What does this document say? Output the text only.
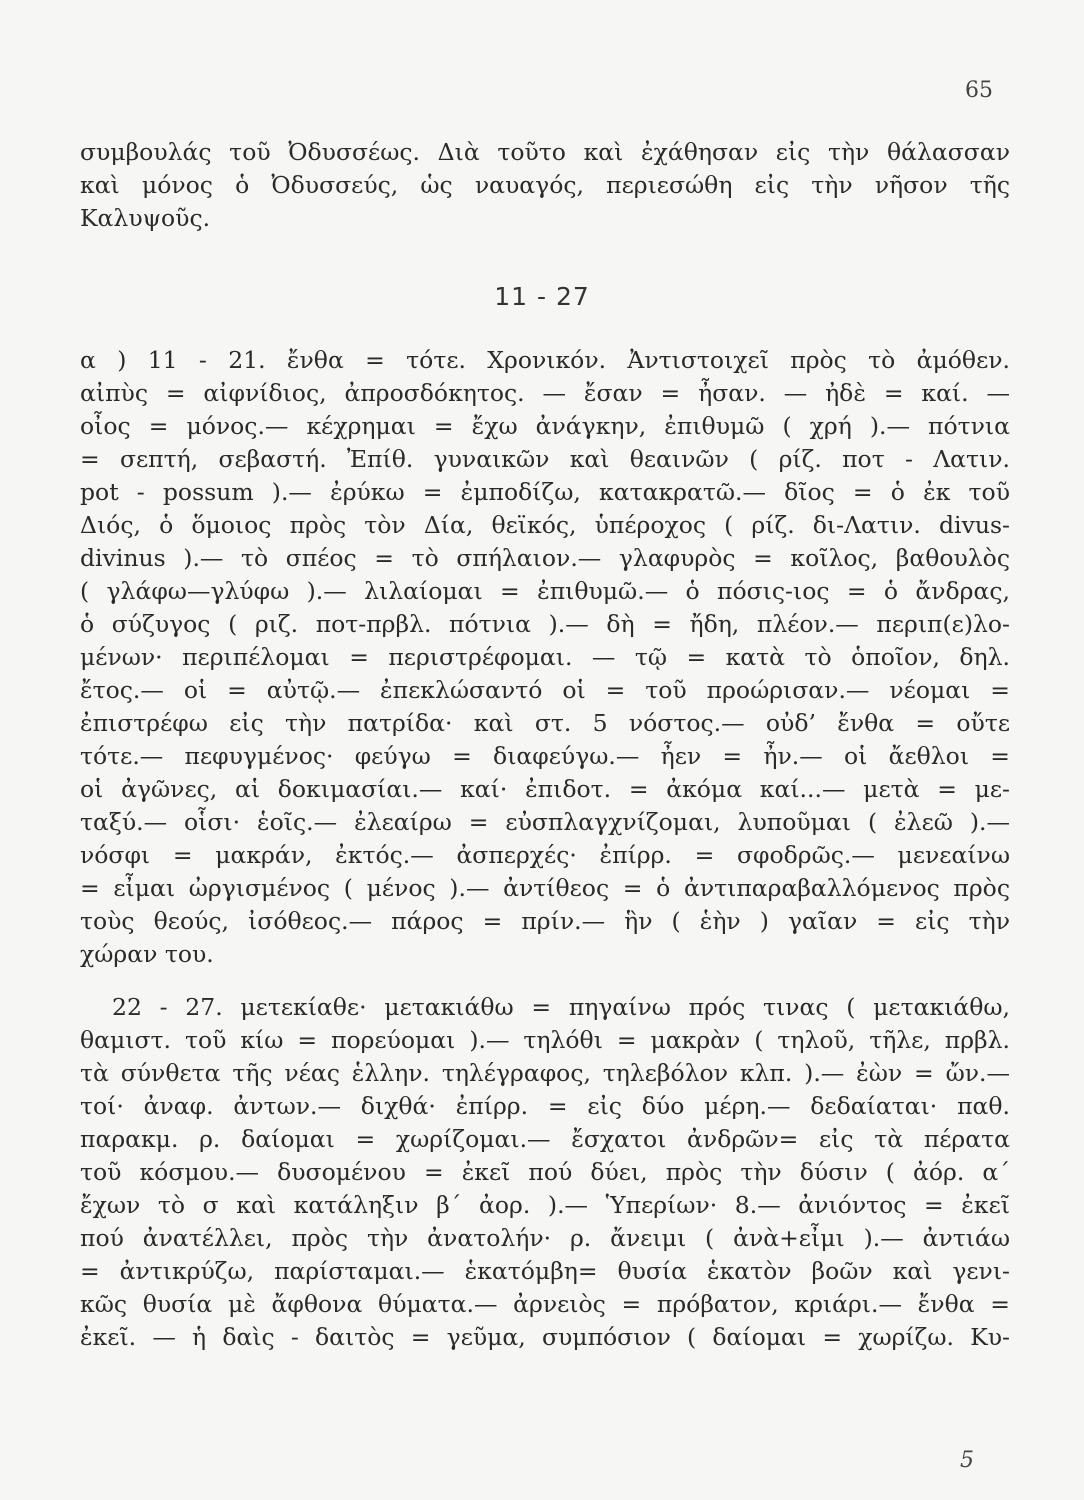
65
συμβουλάς τοῦ Ὀδυσσέως. Διὰ τοῦτο καὶ ἐχάθησαν εἰς τὴν θάλασσαν
καὶ μόνος ὁ Ὀδυσσεύς, ὡς ναυαγός, περιεσώθη εἰς τὴν νῆσον τῆς
Καλυψοῦς.
11 - 27
α ) 11 - 21. ἔνθα = τότε. Χρονικόν. Ἀντιστοιχεῖ πρὸς τὸ ἀμόθεν.
αἰπὺς = αἰφνίδιος, ἀπροσδόκητος. — ἔσαν = ἦσαν. — ἠδὲ = καί. —
οἶος = μόνος.— κέχρημαι = ἔχω ἀνάγκην, ἐπιθυμῶ ( χρή ).— πότνια
= σεπτή, σεβαστή. Ἐπίθ. γυναικῶν καὶ θεαινῶν ( ρίζ. ποτ - Λατιν.
pot - possum ).— ἐρύκω = ἐμποδίζω, κατακρατῶ.— δῖος = ὁ ἐκ τοῦ
Διός, ὁ ὅμοιος πρὸς τὸν Δία, θεϊκός, ὑπέροχος ( ρίζ. δι-Λατιν. divus-
divinus ).— τὸ σπέος = τὸ σπήλαιον.— γλαφυρὸς = κοῖλος, βαθουλὸς
( γλάφω—γλύφω ).— λιλαίομαι = ἐπιθυμῶ.— ὁ πόσις-ιος = ὁ ἄνδρας,
ὁ σύζυγος ( ριζ. ποτ-πρβλ. πότνια ).— δὴ = ἤδη, πλέον.— περιπ(ε)λο-
μένων· περιπέλομαι = περιστρέφομαι. — τῷ = κατὰ τὸ ὁποῖον, δηλ.
ἔτος.— οἱ = αὐτῷ.— ἐπεκλώσαντό οἱ = τοῦ προώρισαν.— νέομαι =
ἐπιστρέφω εἰς τὴν πατρίδα· καὶ στ. 5 νόστος.— οὐδ’ ἔνθα = οὔτε
τότε.— πεφυγμένος· φεύγω = διαφεύγω.— ἦεν = ἦν.— οἱ ἄεθλοι =
οἱ ἀγῶνες, αἱ δοκιμασίαι.— καί· ἐπιδοτ. = ἀκόμα καί...— μετὰ = με-
ταξύ.— οἷσι· ἑοῖς.— ἐλεαίρω = εὐσπλαγχνίζομαι, λυποῦμαι ( ἐλεῶ ).—
νόσφι = μακράν, ἐκτός.— ἀσπερχές· ἐπίρρ. = σφοδρῶς.— μενεαίνω
= εἶμαι ὠργισμένος ( μένος ).— ἀντίθεος = ὁ ἀντιπαραβαλλόμενος πρὸς
τοὺς θεούς, ἰσόθεος.— πάρος = πρίν.— ἣν ( ἑὴν ) γαῖαν = εἰς τὴν
χώραν του.
22 - 27. μετεκίαθε· μετακιάθω = πηγαίνω πρός τινας ( μετακιάθω,
θαμιστ. τοῦ κίω = πορεύομαι ).— τηλόθι = μακρὰν ( τηλοῦ, τῆλε, πρβλ.
τὰ σύνθετα τῆς νέας ἑλλην. τηλέγραφος, τηλεβόλον κλπ. ).— ἐὼν = ὤν.—
τοί· ἀναφ. ἀντων.— διχθά· ἐπίρρ. = εἰς δύο μέρη.— δεδαίαται· παθ.
παρακμ. ρ. δαίομαι = χωρίζομαι.— ἔσχατοι ἀνδρῶν= εἰς τὰ πέρατα
τοῦ κόσμου.— δυσομένου = ἐκεῖ πού δύει, πρὸς τὴν δύσιν ( ἀόρ. α´
ἔχων τὸ σ καὶ κατάληξιν β´ ἀορ. ).— Ὑπερίων· 8.— ἀνιόντος = ἐκεῖ
πού ἀνατέλλει, πρὸς τὴν ἀνατολήν· ρ. ἄνειμι ( ἀνὰ+εἶμι ).— ἀντιάω
= ἀντικρύζω, παρίσταμαι.— ἑκατόμβη= θυσία ἑκατὸν βοῶν καὶ γενι-
κῶς θυσία μὲ ἄφθονα θύματα.— ἀρνειὸς = πρόβατον, κριάρι.— ἔνθα =
ἐκεῖ. — ἡ δαὶς - δαιτὸς = γεῦμα, συμπόσιον ( δαίομαι = χωρίζω. Κυ-
5
